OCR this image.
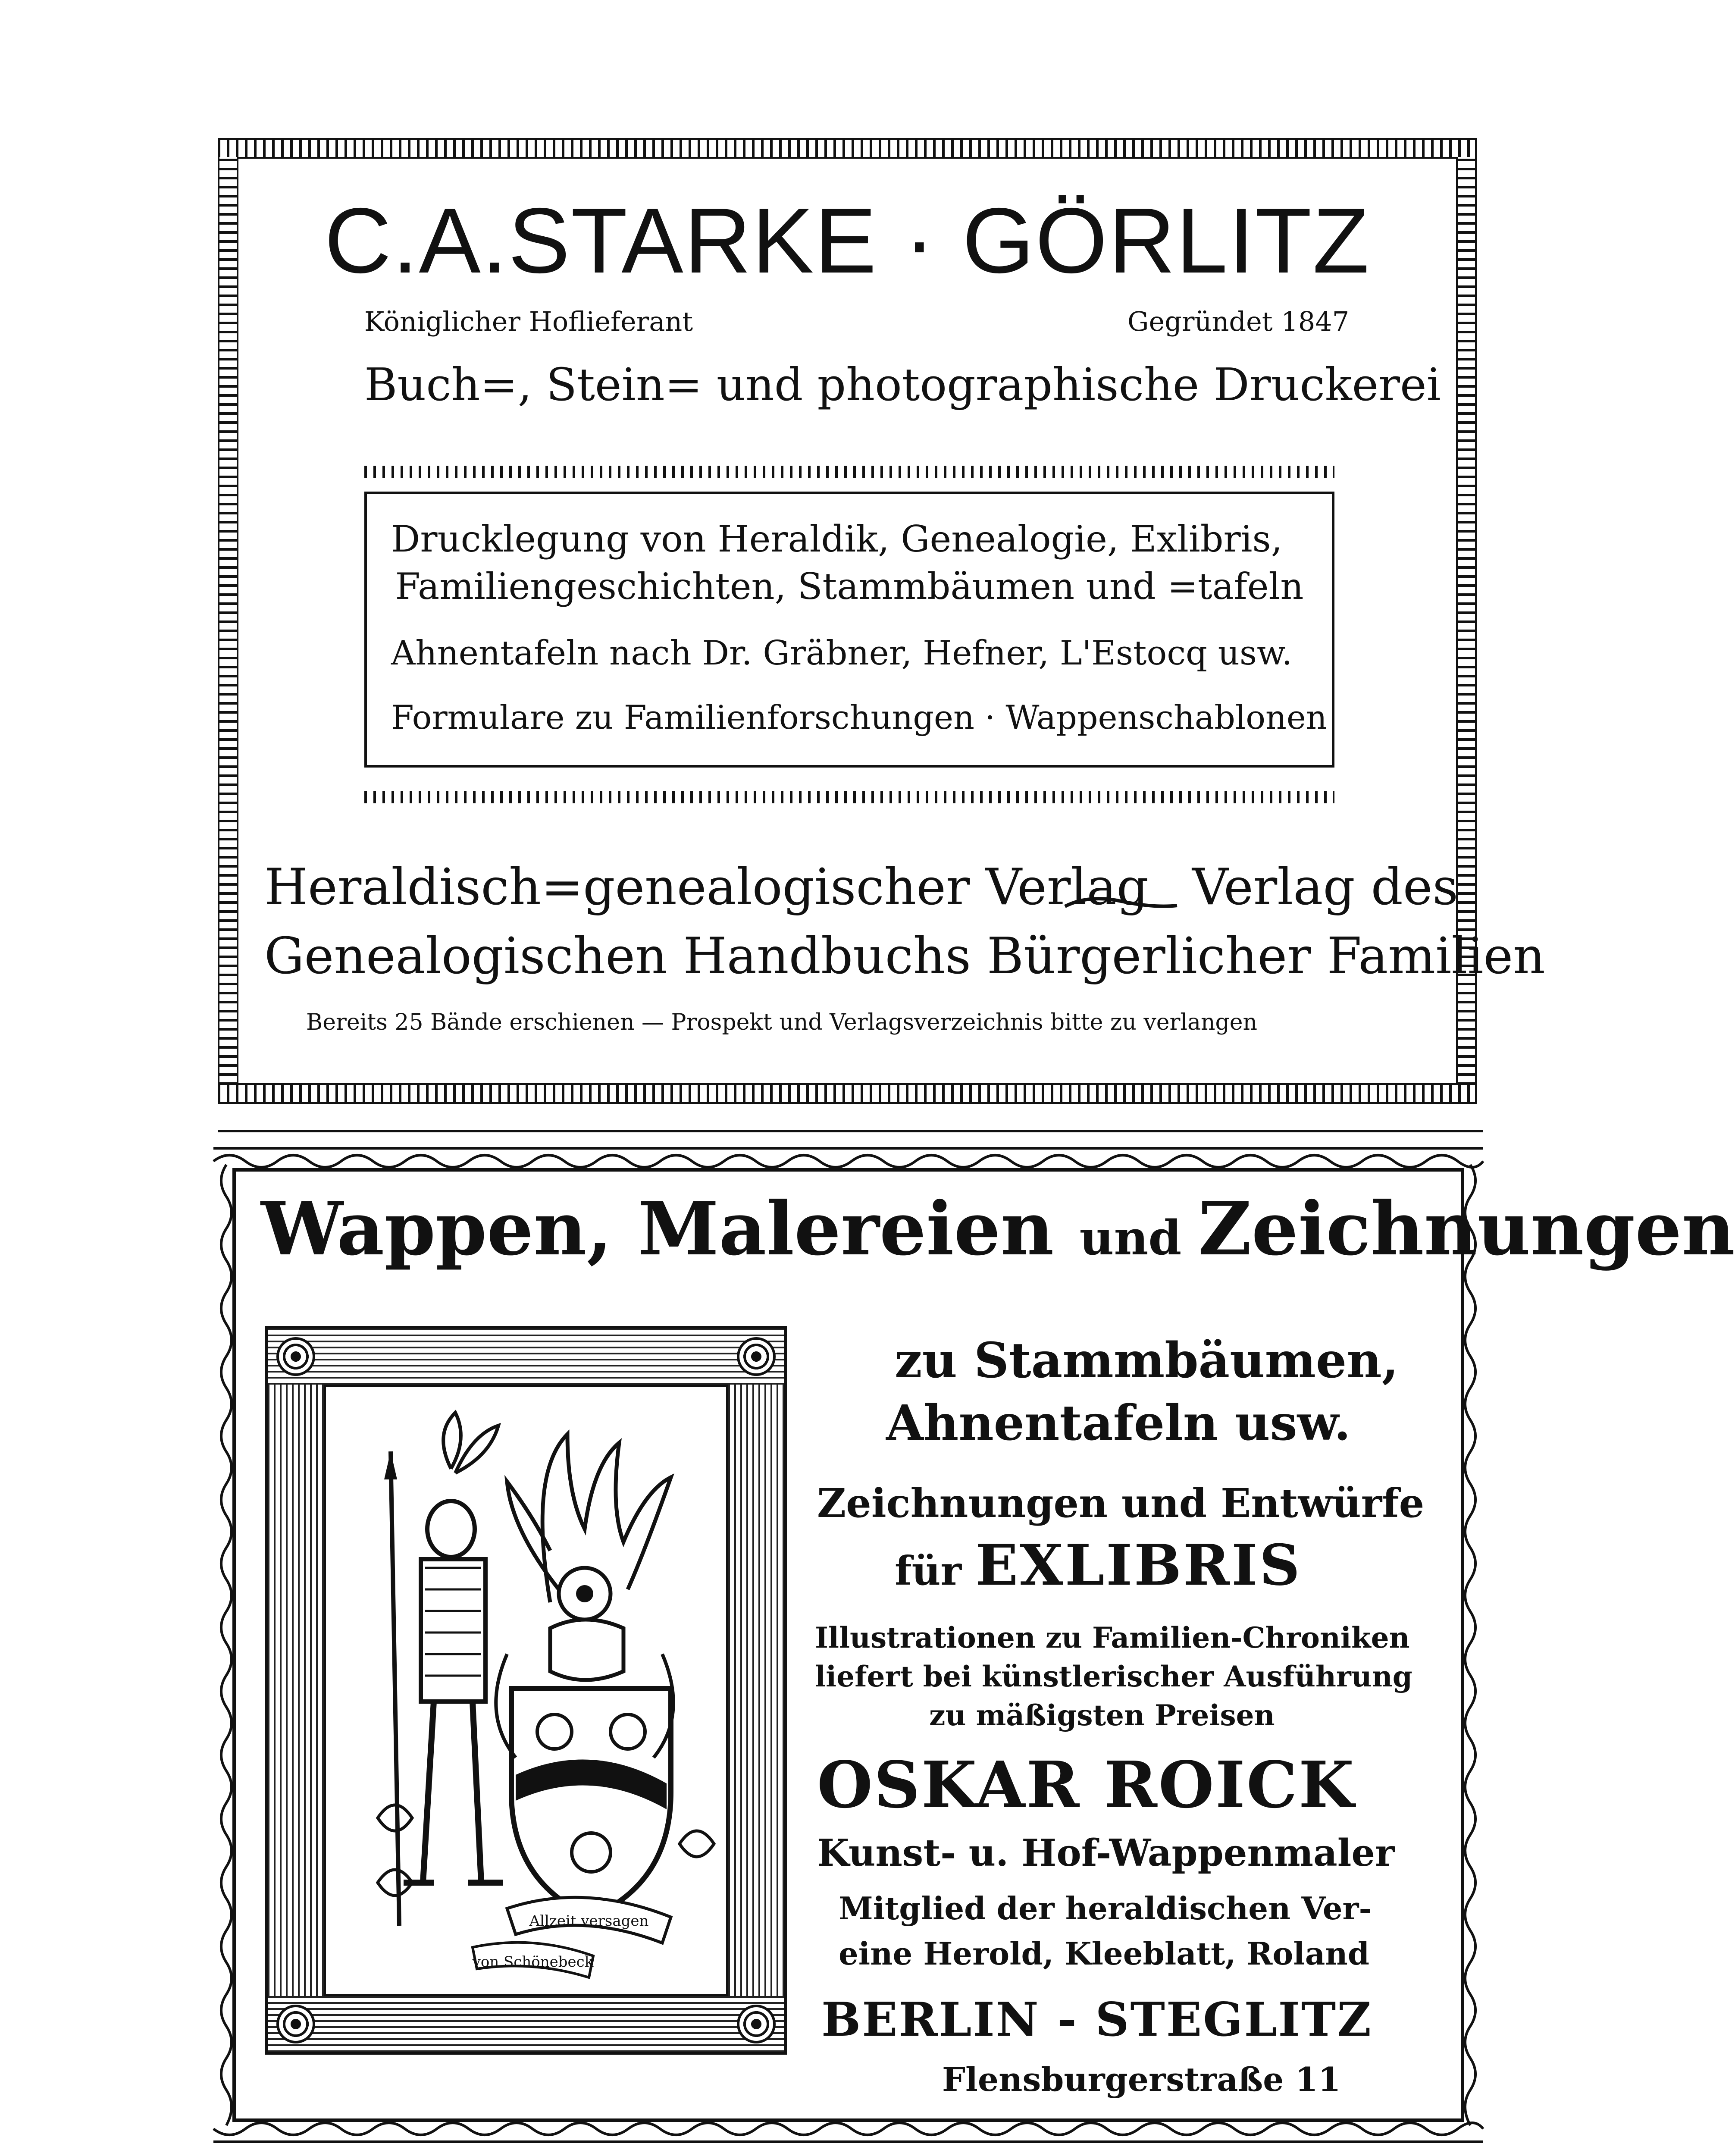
C.A.STARKE · GÖRLITZ
Königlicher Hoflieferant	Gegründet 1847
Buch=, Stein= und photographische Druckerei
Drucklegung von Heraldik, Genealogie, Exlibris,
Familiengeschichten, Stammbäumen und =tafeln
Ahnentafeln nach Dr. Gräbner, Hefner, L'Estocq usw.
Formulare zu Familienforschungen · Wappenschablonen
Heraldisch=genealogischer Verlag Verlag des
Genealogischen Handbuchs Bürgerlicher Familien
Bereits 25 Bände erschienen — Prospekt und Verlagsverzeichnis bitte zu verlangen
Wappen, Malereien und Zeichnungen
Allzeit versagen
von Schönebeck
zu Stammbäumen,
Ahnentafeln usw.
Zeichnungen und Entwürfe
für EXLIBRIS
Illustrationen zu Familien-Chroniken
liefert bei künstlerischer Ausführung
zu mäßigsten Preisen
OSKAR ROICK
Kunst- u. Hof-Wappenmaler
Mitglied der heraldischen Ver-
eine Herold, Kleeblatt, Roland
BERLIN - STEGLITZ
Flensburgerstraße 11
